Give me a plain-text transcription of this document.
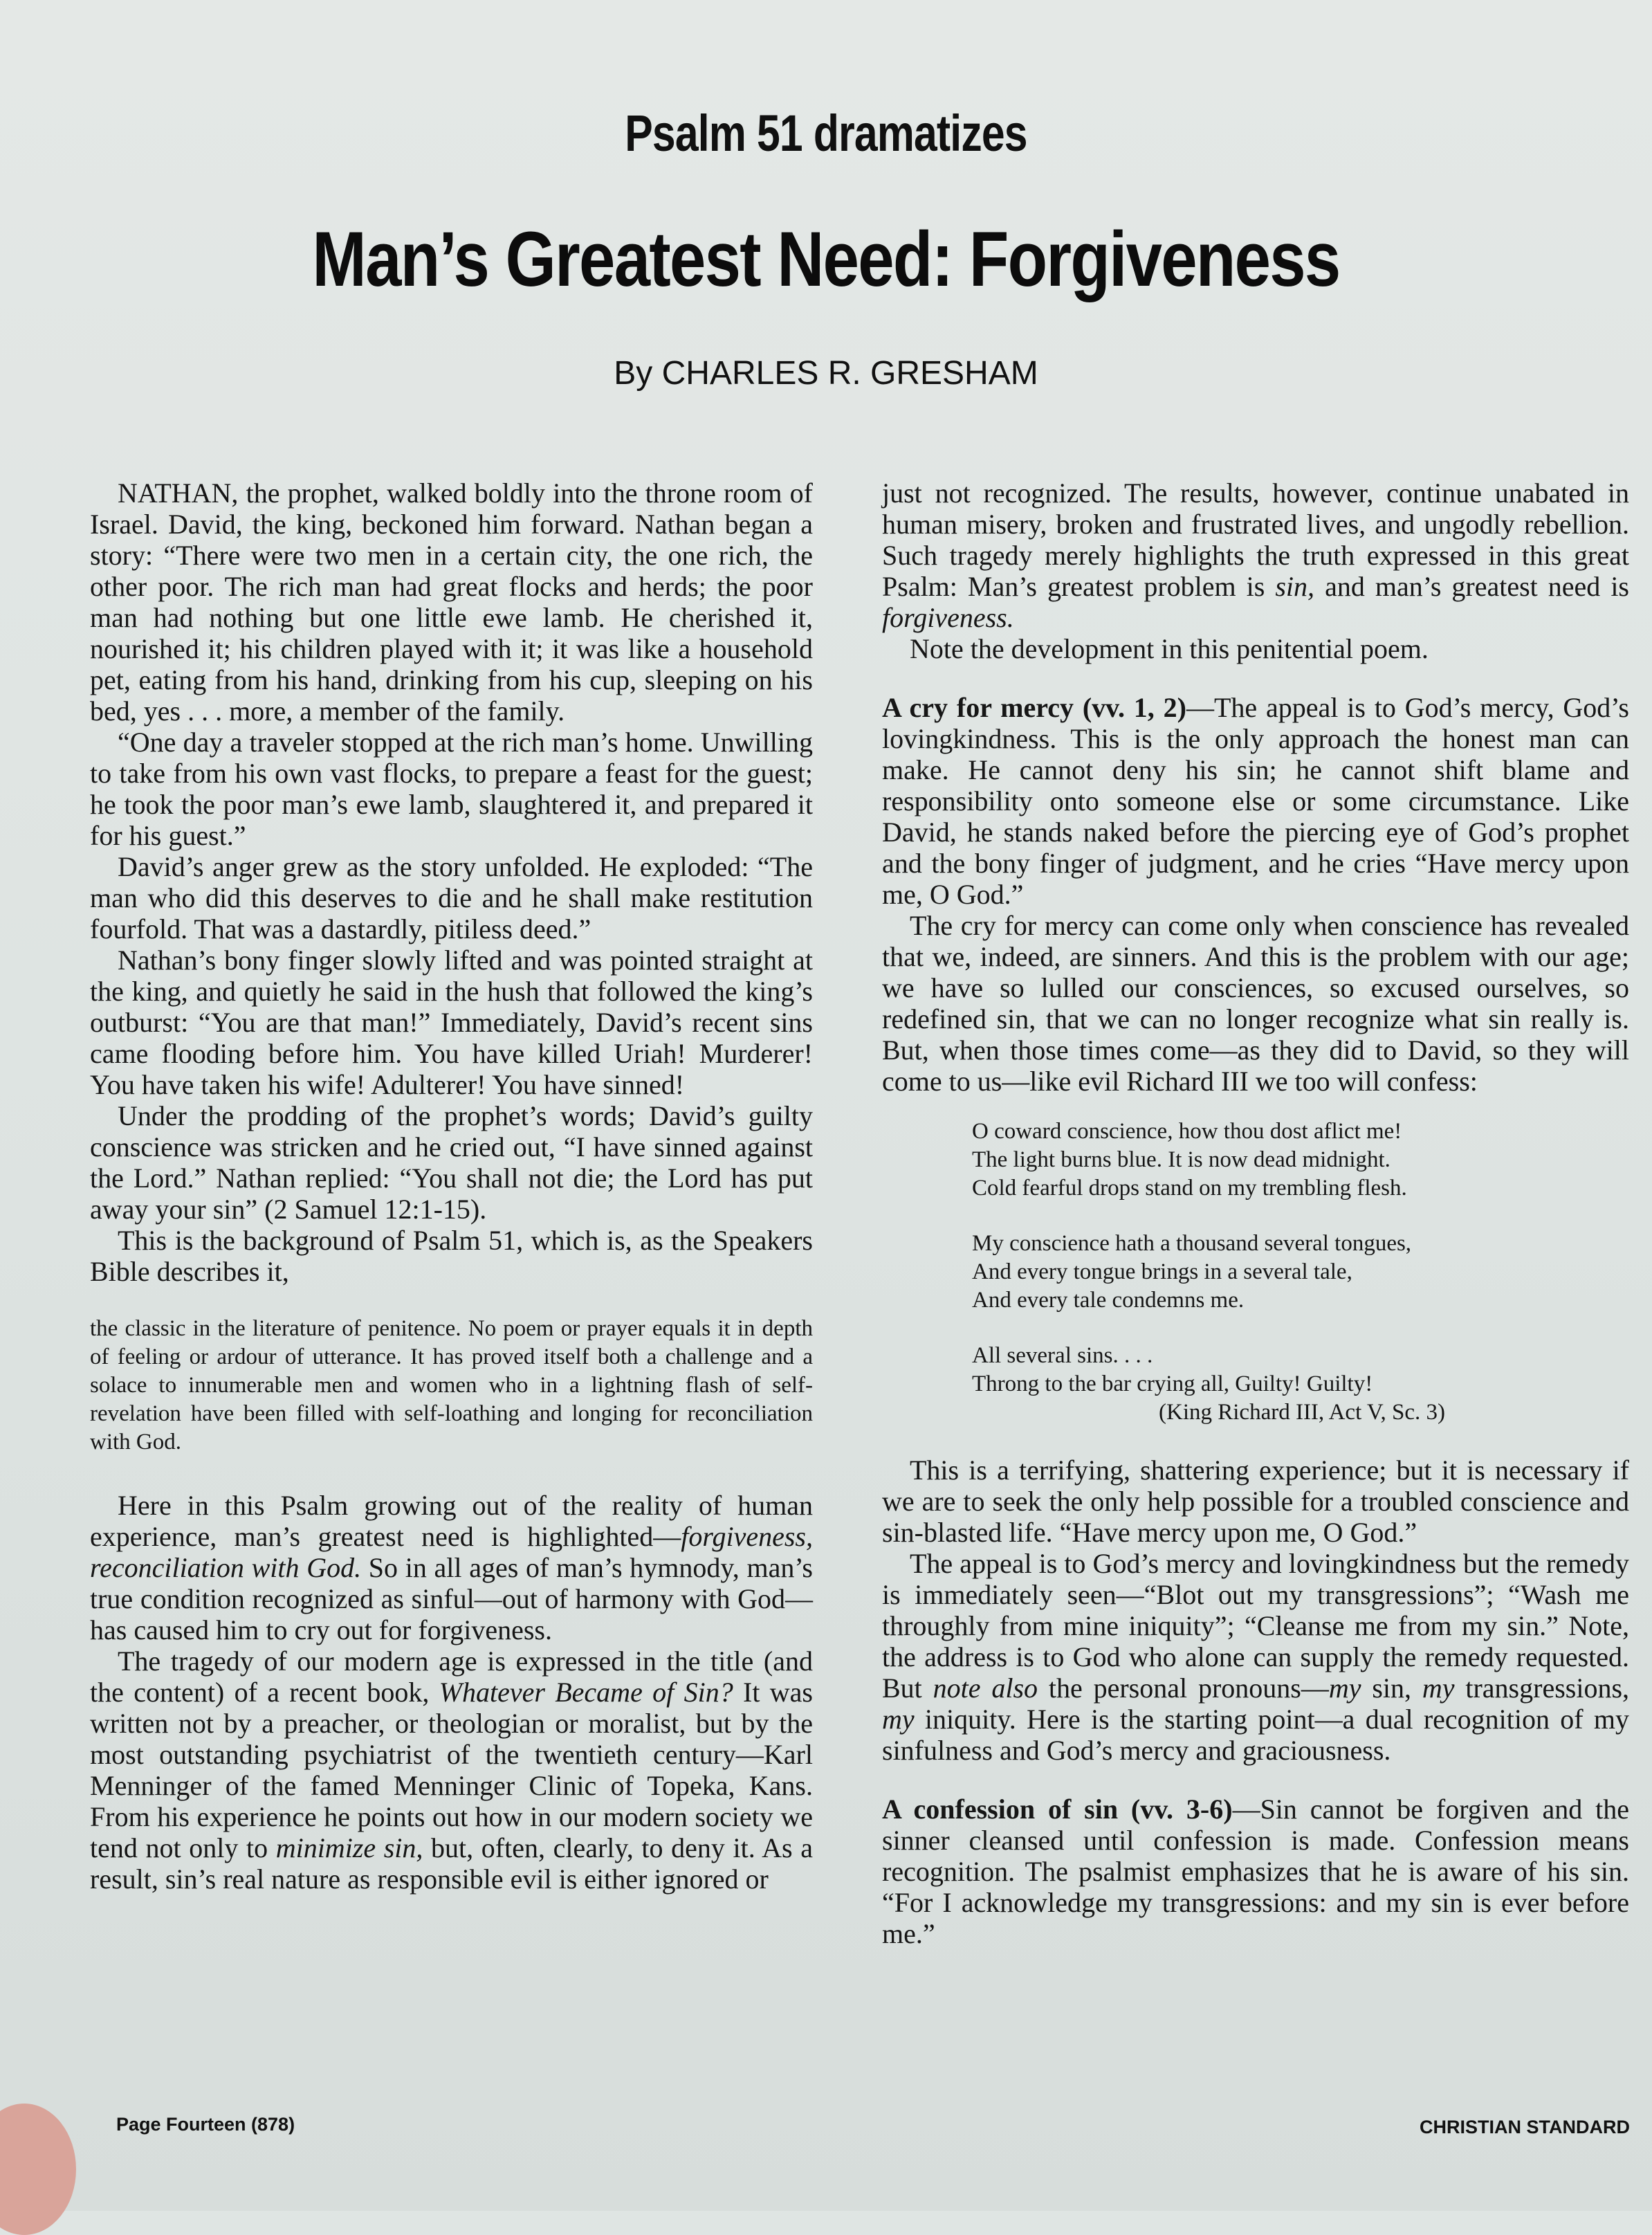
Psalm 51 dramatizes
Man’s Greatest Need: Forgiveness
By CHARLES R. GRESHAM

NATHAN, the prophet, walked boldly into the throne room of Israel. David, the king, beckoned him forward. Nathan began a story: “There were two men in a certain city, the one rich, the other poor. The rich man had great flocks and herds; the poor man had nothing but one little ewe lamb. He cherished it, nourished it; his children played with it; it was like a household pet, eating from his hand, drinking from his cup, sleeping on his bed, yes . . . more, a member of the family.

“One day a traveler stopped at the rich man’s home. Unwilling to take from his own vast flocks, to prepare a feast for the guest; he took the poor man’s ewe lamb, slaughtered it, and prepared it for his guest.”

David’s anger grew as the story unfolded. He exploded: “The man who did this deserves to die and he shall make restitution fourfold. That was a dastardly, pitiless deed.”

Nathan’s bony finger slowly lifted and was pointed straight at the king, and quietly he said in the hush that followed the king’s outburst: “You are that man!” Immediately, David’s recent sins came flooding before him. You have killed Uriah! Murderer! You have taken his wife! Adulterer! You have sinned!

Under the prodding of the prophet’s words; David’s guilty conscience was stricken and he cried out, “I have sinned against the Lord.” Nathan replied: “You shall not die; the Lord has put away your sin” (2 Samuel 12:1-15).

This is the background of Psalm 51, which is, as the Speakers Bible describes it,

the classic in the literature of penitence. No poem or prayer equals it in depth of feeling or ardour of utterance. It has proved itself both a challenge and a solace to innumerable men and women who in a lightning flash of self-revelation have been filled with self-loathing and longing for reconciliation with God.

Here in this Psalm growing out of the reality of human experience, man’s greatest need is highlighted—forgiveness, reconciliation with God. So in all ages of man’s hymnody, man’s true condition recognized as sinful—out of harmony with God—has caused him to cry out for forgiveness.

The tragedy of our modern age is expressed in the title (and the content) of a recent book, Whatever Became of Sin? It was written not by a preacher, or theologian or moralist, but by the most outstanding psychiatrist of the twentieth century—Karl Menninger of the famed Menninger Clinic of Topeka, Kans. From his experience he points out how in our modern society we tend not only to minimize sin, but, often, clearly, to deny it. As a result, sin’s real nature as responsible evil is either ignored or

just not recognized. The results, however, continue unabated in human misery, broken and frustrated lives, and ungodly rebellion. Such tragedy merely highlights the truth expressed in this great Psalm: Man’s greatest problem is sin, and man’s greatest need is forgiveness.

Note the development in this penitential poem.

A cry for mercy (vv. 1, 2)—The appeal is to God’s mercy, God’s lovingkindness. This is the only approach the honest man can make. He cannot deny his sin; he cannot shift blame and responsibility onto someone else or some circumstance. Like David, he stands naked before the piercing eye of God’s prophet and the bony finger of judgment, and he cries “Have mercy upon me, O God.”

The cry for mercy can come only when conscience has revealed that we, indeed, are sinners. And this is the problem with our age; we have so lulled our consciences, so excused ourselves, so redefined sin, that we can no longer recognize what sin really is. But, when those times come—as they did to David, so they will come to us—like evil Richard III we too will confess:

O coward conscience, how thou dost aflict me!
The light burns blue. It is now dead midnight.
Cold fearful drops stand on my trembling flesh.
My conscience hath a thousand several tongues,
And every tongue brings in a several tale,
And every tale condemns me.
All several sins. . . .
Throng to the bar crying all, Guilty! Guilty!
(King Richard III, Act V, Sc. 3)

This is a terrifying, shattering experience; but it is necessary if we are to seek the only help possible for a troubled conscience and sin-blasted life. “Have mercy upon me, O God.”

The appeal is to God’s mercy and lovingkindness but the remedy is immediately seen—“Blot out my transgressions”; “Wash me throughly from mine iniquity”; “Cleanse me from my sin.” Note, the address is to God who alone can supply the remedy requested. But note also the personal pronouns—my sin, my transgressions, my iniquity. Here is the starting point—a dual recognition of my sinfulness and God’s mercy and graciousness.

A confession of sin (vv. 3-6)—Sin cannot be forgiven and the sinner cleansed until confession is made. Confession means recognition. The psalmist emphasizes that he is aware of his sin. “For I acknowledge my transgressions: and my sin is ever before me.”

Page Fourteen (878)	CHRISTIAN STANDARD
